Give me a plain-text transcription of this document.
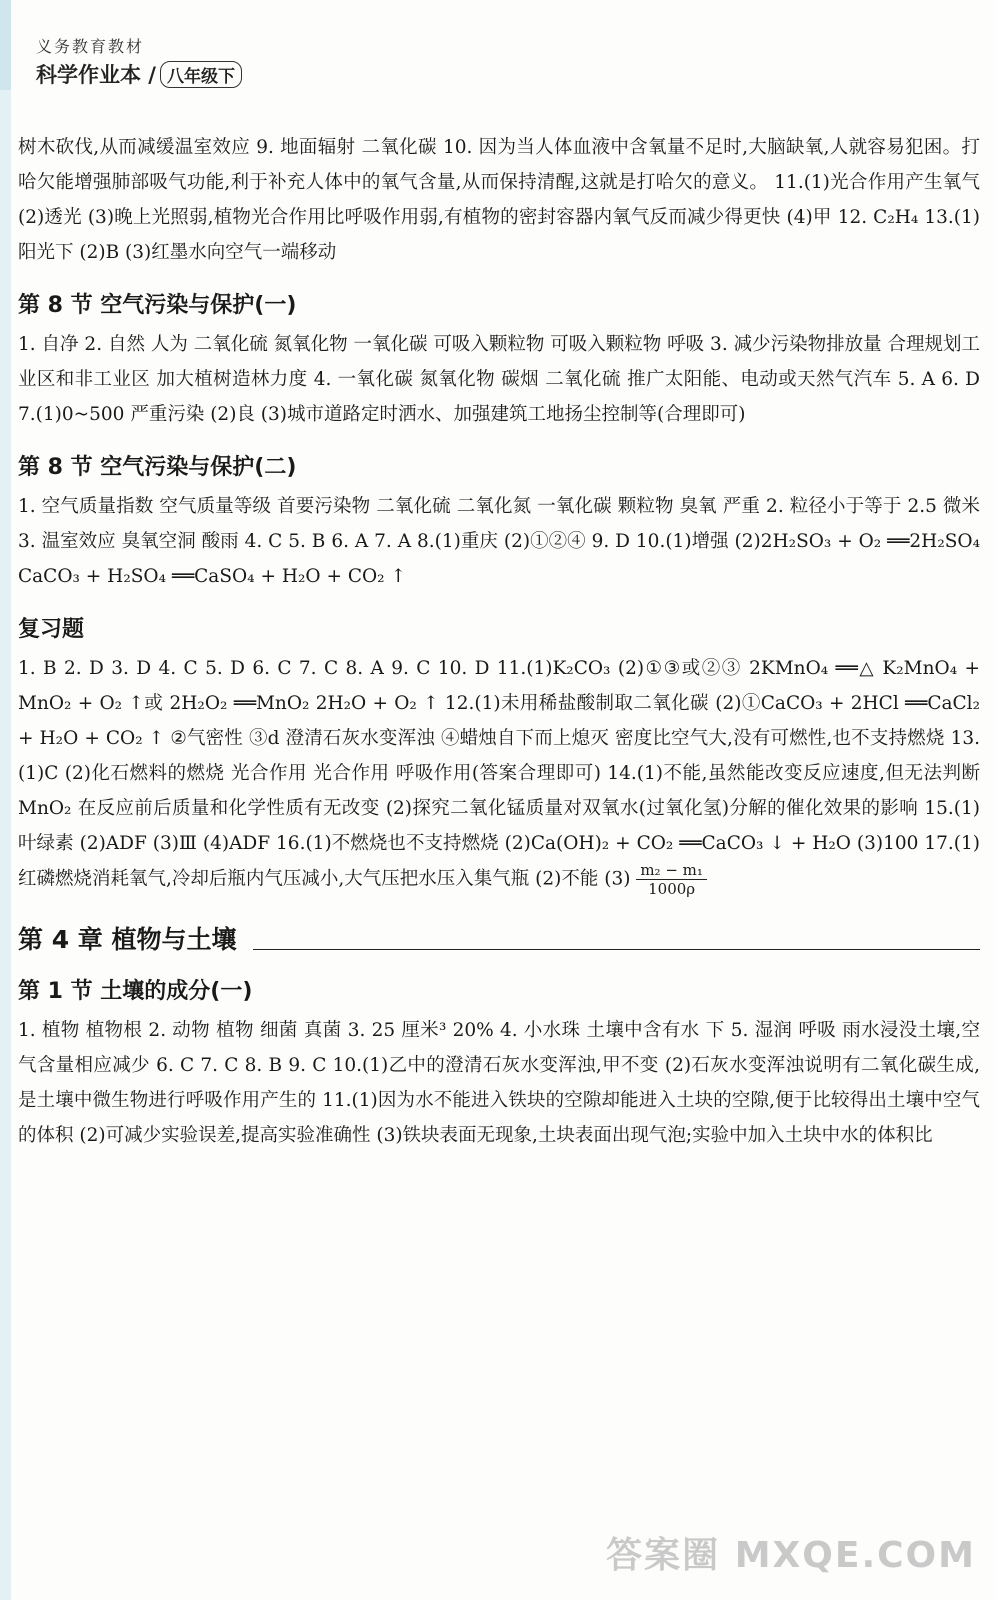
义务教育教材
科学作业本 / 八年级下

树木砍伐,从而减缓温室效应 9. 地面辐射 二氧化碳 10. 因为当人体血液中含氧量不足时,大脑缺氧,人就容易犯困。打哈欠能增强肺部吸气功能,利于补充人体中的氧气含量,从而保持清醒,这就是打哈欠的意义。 11.(1)光合作用产生氧气 (2)透光 (3)晚上光照弱,植物光合作用比呼吸作用弱,有植物的密封容器内氧气反而减少得更快 (4)甲 12. C₂H₄ 13.(1)阳光下 (2)B (3)红墨水向空气一端移动

第 8 节 空气污染与保护(一)

1. 自净 2. 自然 人为 二氧化硫 氮氧化物 一氧化碳 可吸入颗粒物 可吸入颗粒物 呼吸 3. 减少污染物排放量 合理规划工业区和非工业区 加大植树造林力度 4. 一氧化碳 氮氧化物 碳烟 二氧化硫 推广太阳能、电动或天然气汽车 5. A 6. D 7.(1)0~500 严重污染 (2)良 (3)城市道路定时洒水、加强建筑工地扬尘控制等(合理即可)

第 8 节 空气污染与保护(二)

1. 空气质量指数 空气质量等级 首要污染物 二氧化硫 二氧化氮 一氧化碳 颗粒物 臭氧 严重 2. 粒径小于等于 2.5 微米 3. 温室效应 臭氧空洞 酸雨 4. C 5. B 6. A 7. A 8.(1)重庆 (2)①②④ 9. D 10.(1)增强 (2)2H₂SO₃ + O₂ ══2H₂SO₄ CaCO₃ + H₂SO₄ ══CaSO₄ + H₂O + CO₂ ↑

复习题

1. B 2. D 3. D 4. C 5. D 6. C 7. C 8. A 9. C 10. D 11.(1)K₂CO₃ (2)①③或②③ 2KMnO₄ ══△ K₂MnO₄ + MnO₂ + O₂ ↑或 2H₂O₂ ══MnO₂ 2H₂O + O₂ ↑ 12.(1)未用稀盐酸制取二氧化碳 (2)①CaCO₃ + 2HCl ══CaCl₂ + H₂O + CO₂ ↑ ②气密性 ③d 澄清石灰水变浑浊 ④蜡烛自下而上熄灭 密度比空气大,没有可燃性,也不支持燃烧 13.(1)C (2)化石燃料的燃烧 光合作用 光合作用 呼吸作用(答案合理即可) 14.(1)不能,虽然能改变反应速度,但无法判断 MnO₂ 在反应前后质量和化学性质有无改变 (2)探究二氧化锰质量对双氧水(过氧化氢)分解的催化效果的影响 15.(1)叶绿素 (2)ADF (3)Ⅲ (4)ADF 16.(1)不燃烧也不支持燃烧 (2)Ca(OH)₂ + CO₂ ══CaCO₃ ↓ + H₂O (3)100 17.(1)红磷燃烧消耗氧气,冷却后瓶内气压减小,大气压把水压入集气瓶 (2)不能 $(3) \frac{\text{m₂ − m₁}}{1000\rho}$

第 4 章 植物与土壤
第 1 节 土壤的成分(一)

1. 植物 植物根 2. 动物 植物 细菌 真菌 3. 25 厘米³ 20% 4. 小水珠 土壤中含有水 下 5. 湿润 呼吸 雨水浸没土壤,空气含量相应减少 6. C 7. C 8. B 9. C 10.(1)乙中的澄清石灰水变浑浊,甲不变 (2)石灰水变浑浊说明有二氧化碳生成,是土壤中微生物进行呼吸作用产生的 11.(1)因为水不能进入铁块的空隙却能进入土块的空隙,便于比较得出土壤中空气的体积 (2)可减少实验误差,提高实验准确性 (3)铁块表面无现象,土块表面出现气泡;实验中加入土块中水的体积比

答案圈 MXQE.COM
